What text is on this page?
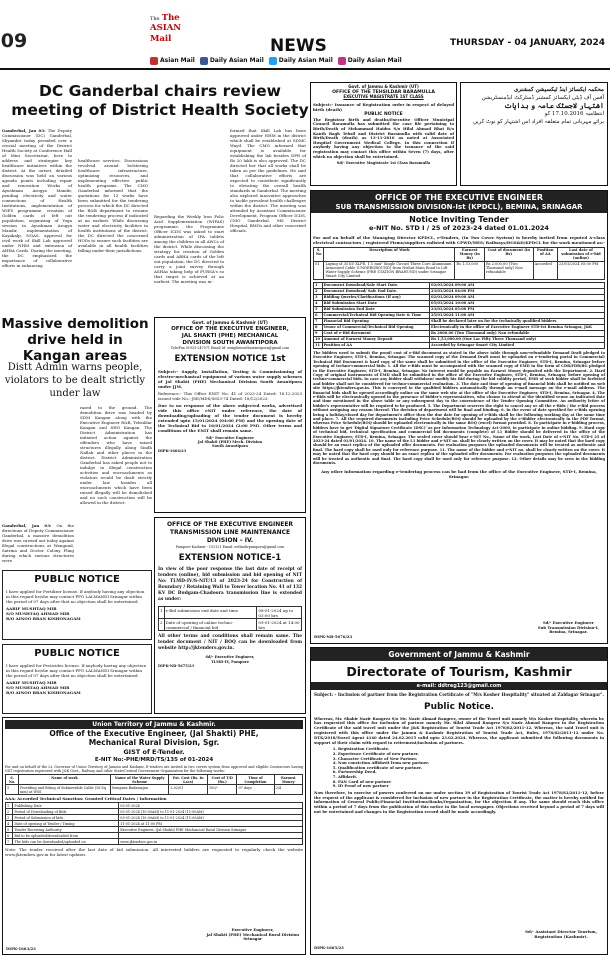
09
The The ASIAN Mail	NEWS	THURSDAY - 04 JANUARY, 2024
Asian Mail	Daily Asian Mail	Daily Asian Mail	Daily Asian Mail
DC Ganderbal chairs review meeting of District Health Society
Ganderbal, Jan 03: The Deputy Commissioner (DC) Ganderbal, Shyambir today presided over a crucial meeting of the District Health Society at Conference Hall of Mini Secretariat, here to address and strategize key healthcare initiatives within the district. At the outset, detailed discussion was held on various agenda points including repair and renovation Works of Ayushman Arogya Mandir, pending electricity and water connections of Health Institutions, implementation of WIFS programme, creation of Golden cards of left out population, organising of Yoga session in Ayushman Arogya Mandir, implementation of Kayakalp, NQAS, approval for civil work of Skill Lab approved under NHM and extension of AHHA Cards. During the meeting, the DC emphasized the importance of collaborative efforts in enhancing
healthcare services. Discussions revolved around bolstering healthcare infrastructure, optimizing resources, and implementing effective public health programs. The CMO Ganderbal informed that the quotations for 13 works have been submitted for the tendering process for which the DC directed the R&B department to resume the tendering process if indicated at an earliest. While discussing water and electricity facilities in health institutions of the district, the DC directed the concerned HODs to ensure such facilities are available in all health facilities falling under their jurisdictions.
Regarding the Weekly Iron Folic Acid Supplementation (WIFAS) programme, the Programme Officer ICDS was asked to start administration of IFA tablets among the children in all AWCs of the district. While discussing the strategy for creation of Golden cards and ABHA cards of the left out population, the DC directed to carry a joint survey through ASHAs taking help of PURSA's so that target is achieved at an earliest. The meeting was in-
formed that Skill Lab has been approved under NHM in the district which shall be established at SDMC Wayil. The CMO informed that equipment is available for establishing the lab besides DPR of Rs 20 lakh is also approved. The DC directed her that all works shall be taken as per the guidelines. He said that collaborative efforts are expected to contribute significantly to elevating the overall health standards in Ganderbal. The meeting also explored innovative approaches to tackle prevalent health challenges within the district. The meeting was attended by Assistant Commissioner Development, Program Officer ICDS, CMO Ganderbal, MS District Hospital, BMOs and other concerned officials.
Massive demolition drive held in Kangan areas
Distt Admin warns people, violators to be dealt strictly under law
Ganderbal, Jan 03: On the directions of Deputy Commissioner Ganderbal, a massive demolition drive was carried out today against illegal constructions at Wangund, Satrina and Doctor Colony Fling during which various structures were
razed to the ground. The demolition drive was headed by SDM Kangan along with the Executive Engineer R&B, Tehsildar Kangan and SHO Kangan. The District Administration has initiated action against the offenders who have raised structures illegally along Sindh Nallah and other places in the district. District Administration Ganderbal has asked people not to indulge in illegal construction activities and encroachments as violators would be dealt strictly under law besides all encroachments which have been raised illegally will be demolished and no such construction will be allowed in the district.
PUBLIC NOTICE

I have applied for Fertilizer license. If anybody having any objection in this regard he/she may contact PPO LALMANDI Srinagar within the period of 07 days after that no objection shall be entertained.

AARIF MUSHTAQ MIR

S/O MUSHTAQ AHMAD MIR

R/O AINOO BRAN KISHONAGAM

PUBLIC NOTICE

I have applied for Pesticides license. If anybody having any objection in this regard he/she may contact PPO LALMANDI Srinagar within the period of 07 days after that no objection shall be entertained.

AARIF MUSHTAQ MIR

S/O MUSHTAQ AHMAD MIR

R/O AINOO BRAN KISHONAGAM

Govt. of Jammu & Kashmir (UT)
OFFICE OF THE EXECUTIVE ENGINEER,
JAL SHAKTI (PHE) MECHANICAL
DIVISION SOUTH AWANTIPORA
Tele/Fax 01933-247071 Email Id: eemphesouthawantipora@gmail.com
EXTENSION NOTICE 1st

Subject:- Supply, Installation, Testing & Commissioning of electro-mechanical equipment of various water supply schemes of Jal Shakti (PHE) Mechanical Division South Awantipora under JJM.

Reference:- This Office ENIT No: 41 of 2023-24 Dated: 18.12.2023 issued vide No.:-JSE/MDS/5653-74 Dated: 18/12/2023.

Due to no response of the above subjected works, advertised vide this office eNIT under reference, the date of downloading/uploading of the tender document is hereby extended upto 15/01/2024 (04:00 PM) and the opening date of the Technical Bid to 16/01/2024 (2:00 PM). Other terms and conditions of the ENIT shall remain same.

Sd/- Executive Engineer

Jal Shakti (PHE) Mech. Division

South Awantipora

DIPK-1664/23

OFFICE OF THE EXECUTIVE ENGINEER TRANSMISSION LINE MAINTENANCE DIVISION – IV.
Pampore Kashmir - 192121 Email: eetlmdivpampore@gmail.com
EXTENSION NOTICE-1

In view of the poor response the last date of receipt of tenders (online), bid submission and bid opening of NIT No: TLMD-IV/S-NIT/13 of 2023-24 for Construction of Boundary / Retaining Wall to Tower location No. 41 of 132 KV DC Budgam-Chadoora transmission line is extended as under:

1	e-Bid submission end date and time	08-01-2024 up to 03:00 hrs
2	Date of opening of online techno-commercial / financial bid	09-01-2024 at 14:00 hrs

All other terms and conditions shall remain same. The tender document / NIT / BOQ can be downloaded from website http://jktenders.gov.in.

Sd/- Executive Engineer,

TLMD-IV, Pampore

DIPK-NB-5675/23

Union Territory of Jammu & Kashmir.
Office of the Executive Engineer, (Jal Shakti) PHE,
Mechanical Rural Division, Sgr.
GIST of E-Tender.
E-NIT No:-PHE/MRD/TS/135 of 01-2024

For and on behalf of the Lt. Governor of Union Territory of Jammu and Kashmir, E-tenders are invited in two covers system from approved and eligible Contractors having GST registration registered with J&K Govt., Railway and other State/Central Government Organization for the following works:

S. No.	Name of work	Name of the Water Supply Scheme	Est. Cost (Rs. In Lacs)	Cost of T/D (Rs.)	Time of Completion	Earnest Money
1	Providing and fitting of Submersible Cable (16 Sq mm) at WSS	Sempura Budamajan	2.02/01	100/-	07 days	2/4

AAA: Accorded Technical Sanction: Granted Critical Dates / Information

1	Publishing Date	03-01-2024
2	Period of Downloading of Bids	03-01-2024 (10:00AM) to 11-01-2024 (11:00AM)
3	Period of Submission of bids	03-01-2024 (10:00AM) to 11-01-2024 (11:00AM)
4	Date of opening of Tender / Timing	11-01-2024 at 11:00 PM
5	Tender Receiving Authority	Executive Engineer, (Jal Shakti) PHE Mechanical Rural Division Srinagar
6	Bid to be uploaded/downloaded from	
7	The bids can be downloaded/uploaded on	www.jktenders.gov.in

Note: The tender received after the last date of bid submission. All interested bidders are requested to regularly check the website www.jktenders.gov.in for latest updates.

Executive Engineer,
Jal Shakti (PHE) Mechanical Rural Division
Srinagar
DIPK-1663/23
Govt. of Jammu & Kashmir (UT)
OFFICE OF THE TEHSILDAR BARAMULLA
EXECUTIVE MAGISTRATE 1ST CLASS

Subject:- Issuance of Registration order in respect of delayed birth (death)

PUBLIC NOTICE

The Registrar birth and deaths/Executive Officer Municipal Council Baramulla has submitted the case file pertaining to Birth/Death of Mohammad Haidra S/o Hilal Ahmad Bhat R/o Kanth Bagh Tehsil and District Baramulla with valid date of Birth/Death (death) as 13-11-2016 as noted at Associated Hospital Government Medical College. In this connection if anybody having any objection to the issuance of the said registration may contact this office within Seven (7) days, after which no objection shall be entertained.

Sd/- Executive Magistrate 1st Class Baramulla

محکمہ ایکسائز اینڈ ٹیکسیشن کمشنری
آفس آف ڈپٹی ایکسائز کمشنر ڈسٹرکٹ ایڈمنسٹریشن
اشتہار لاجسٹک عامہ و ہدایات
انتظامیہ 17.10.2016 کو
برائے مہربانی تمام متعلقہ افراد اس اشتہار کو نوٹ کریں
OFFICE OF THE EXECUTIVE ENGINEER
SUB TRANSMISSION DIVISION-Ist (KPDCL), BEMINA, SRINAGAR
Notice Inviting Tender
e-NIT No. STD I / 25 of 2023-24 dated 01.01.2024

For and on behalf of the Managing Director KPDCL, e-Tenders, (In Two Cover System) is hereby invited from reputed A-class electrical contractors / registered Firms/suppliers enlisted with CPWD/MES/ Railways/DGS&D/KPDCL for the work mentioned as:-

S. No	Description of Work	Earnest Money (in Rs)	Cost of document (in Rs)	Position of AA	Last date of submission of e-bid (online)
01	Laying of 35 kV XLPE, 1.1 mm² Single Circuit Three Core Aluminium Armoured Cable (UNDERGROUND) from Nishat Main Road to Lift Water Supply Scheme (PHE STATION BRAHUND) under Srinagar Smart City Limited	Rs 1,53,000	Rs 2,000.00 (Two Thousand only) Non refundable	Accorded	23/01/2024 05:00 PM
1	Document Download/Sale Start Date.	02/01/2024 09:00 AM
2	Document Download/ Sale End Date.	23/01/2024 04:00 PM
3	Bidding Queries/Clarifications (If any)	02/01/2024 09:00 AM
4	Bid Submission Start Date	05/01/2024 10:00 AM
5	Bid Submission End Date	23/01/2024 05:00 PM
6	Commercial/Technical Bid Opening Date & Time	25/01/2024 11:00 AM
7	Financial Bid Opening	Shall be declared later on for the technically qualified bidders
8	Venue of Commercial/Technical Bid Opening	Electronically in the office of Executive Engineer STD-Ist Bemina Srinagar, J&K
9	Cost of e-Bid document	Rs 2000.00 (Two Thousand only) Non refundable
10	Amount of Earnest Money Deposit	Rs 1,53,000.00 (One Lac Fifty Three Thousand only)
11	Position of AA	Accorded by Srinagar Smart City Limited

The bidders need to submit the proof/ cost of e-Bid document as stated in the above table through non-refundable Demand Draft pledged to Executive Engineer, STD-I, Bemina, Srinagar. The scanned copy of the Demand Draft must be uploaded on e-tendering portal in Commercial/ Technical Bid Document & hard copy of the same shall be submitted in the office of the Executive Engineer, STD-I, Bemina, Srinagar before opening of techno-commercial bids. 1. All the e-Bids must be accompanied with the scanned copy of EMD in the form of CDR/FDR/BG pledged to the Executive Engineer, STD-I, Bemina, Srinagar. No Interest would be payable on Earnest Money deposited with the Department. 2. Hard Copy of original instruments of EMD shall be submitted in the office of the Executive Engineer, STD-I, Bemina, Srinagar, before opening of techno-commercial bids. In case any bidder shall withdraw/ modify his Bid during the bid validity period, EMD of such bidder shall be forfeited and bidder shall not be considered for techno-commercial evaluation. 3. The date and time of opening of financial bids shall be notified on web site https://jktenders.gov.in. This is conveyed to the qualified bidders automatically through an e-mail message on the e-mail address. The financial bids shall be opened accordingly online on the same web site at the office of the Executive Engineer, STD-I, Bemina, Srinagar. 4. The e-Bids will be electronically opened in the presence of bidder's representatives, who choose to attend at the identified venue on indicated date and time mentioned in the above table or any subsequent day to the convenience of the Tender Opening Committee. An authority letter of bidder's representative will be required to be produced. 5. The Department reserves the right to cancel any or all the e-Bids / the e-Bid process without assigning any reason thereof. The decision of department will be final and binding. 6. In the event of date specified for e-Bids opening being a holiday/closed day for department's office then the due date for opening of e-Bids shall be the following working day at the same time and place. 7. All the required documents including Price Schedule/BOQ should be uploaded by the e-Bidder electronically in the PDF format, whereas Price Schedule/BOQ should be uploaded electronically in the same BOQ (excel) format provided. 8. To participate in e-bidding process, bidders have to get 'Digital Signature Certificate (DSC)' as per Information Technology Act-2000, to participate in online bidding. 9. Hard copy of technical bid, technical specification and commercial bid documents (complete) of L1 Bidder should be delivered in the office of the Executive Engineer, STD-I, Bemina, Srinagar. The sealed cover should bear e-NIT No., Name of the work, Last Date of e-NIT No. STD-I 25 of 2023-24 dated 01/01/2024. 10. The name of the L1 bidder and e-NIT no. shall be clearly written on the cover. It may be noted that the hard copy should be an exact replica of the uploaded offer documents. For evaluation purposes the uploaded documents will be treated as authentic and final. The hard copy shall be used only for reference purpose. 11. The name of the bidder and e-NIT no. shall be clearly written on the cover. It may be noted that the hard copy should be an exact replica of the uploaded offer documents. For evaluation purposes the uploaded documents will be treated as authentic and final. The hard copy shall be used only for reference purpose. 12. Other details may be seen in the bidding documents.

Any other information regarding e-tendering process can be had from the office of the Executive Engineer, STD-I, Bemina, Srinagar.

Sd/- Executive Engineer
Sub Transmission Division-I,
Bemina, Srinagar.
DIPK-NB-5676/23
Government of Jammu & Kashmir
Directorate of Tourism, Kashmir
e-mail: ddtreg123@gmail.com

Subject: - Inclusion of partner from the Registration Certificate of "M/s Kosher Hospitality" situated at Zaldagar Srinagar".

Public Notice.

Whereas, Mr. Shabir Nazir Rangrez S/o Mr. Nazir Ahmad Rangrez, owner of the Travel unit namely M/s Kosher Hospitality, wherein he has requested this office for inclusion of partner namely Mr. Bilal Ahmad Rangrez S/o Nazir Ahmad Rangrez in the Registration Certificate of the said travel unit under the J&K Registration of Tourist Trade Act 1978/82/2011-12. Whereas, the said Travel unit is registered with this office under the Jammu & Kashmir Registration of Tourist Trade Act, Rules, 1978/82/2011-12 under No. DTK/2018/Travel Agent 4140 dated 24.02.2015 valid upto 23.02.2024. Whereas, the applicant submitted the following documents in support of their claim with regard to retirement/inclusion of partners.

1. Registration Certificate.
2. Experience Certificate of new partner.
3. Character Certificate of New Partner.
4. Non conviction Affidavit from new partner.
5. Qualification certificate of new partner.
6. Partnership Deed.
7. Affidavit.
8. PAN Card of new partner
9. ID Proof of new partner

Now therefore, in exercise of powers conferred on me under section 39 of Registration of Tourist Trade Act 1978/82/2011-12, before the request of the applicant is considered for inclusion of new partner in the Registration Certificate, the matter is hereby notified for information of General Public/Financial Institutions/Banks/Organization, for the objection if any. The same should reach this office within a period of 7 days from the publication of this notice in the local newspaper. Objections received beyond a period of 7 days will not be entertained and changes in the Registration record shall be made accordingly.

Sd/- Assistant Director Tourism,
Registration (Kashmir).
DIPK-1665/23
